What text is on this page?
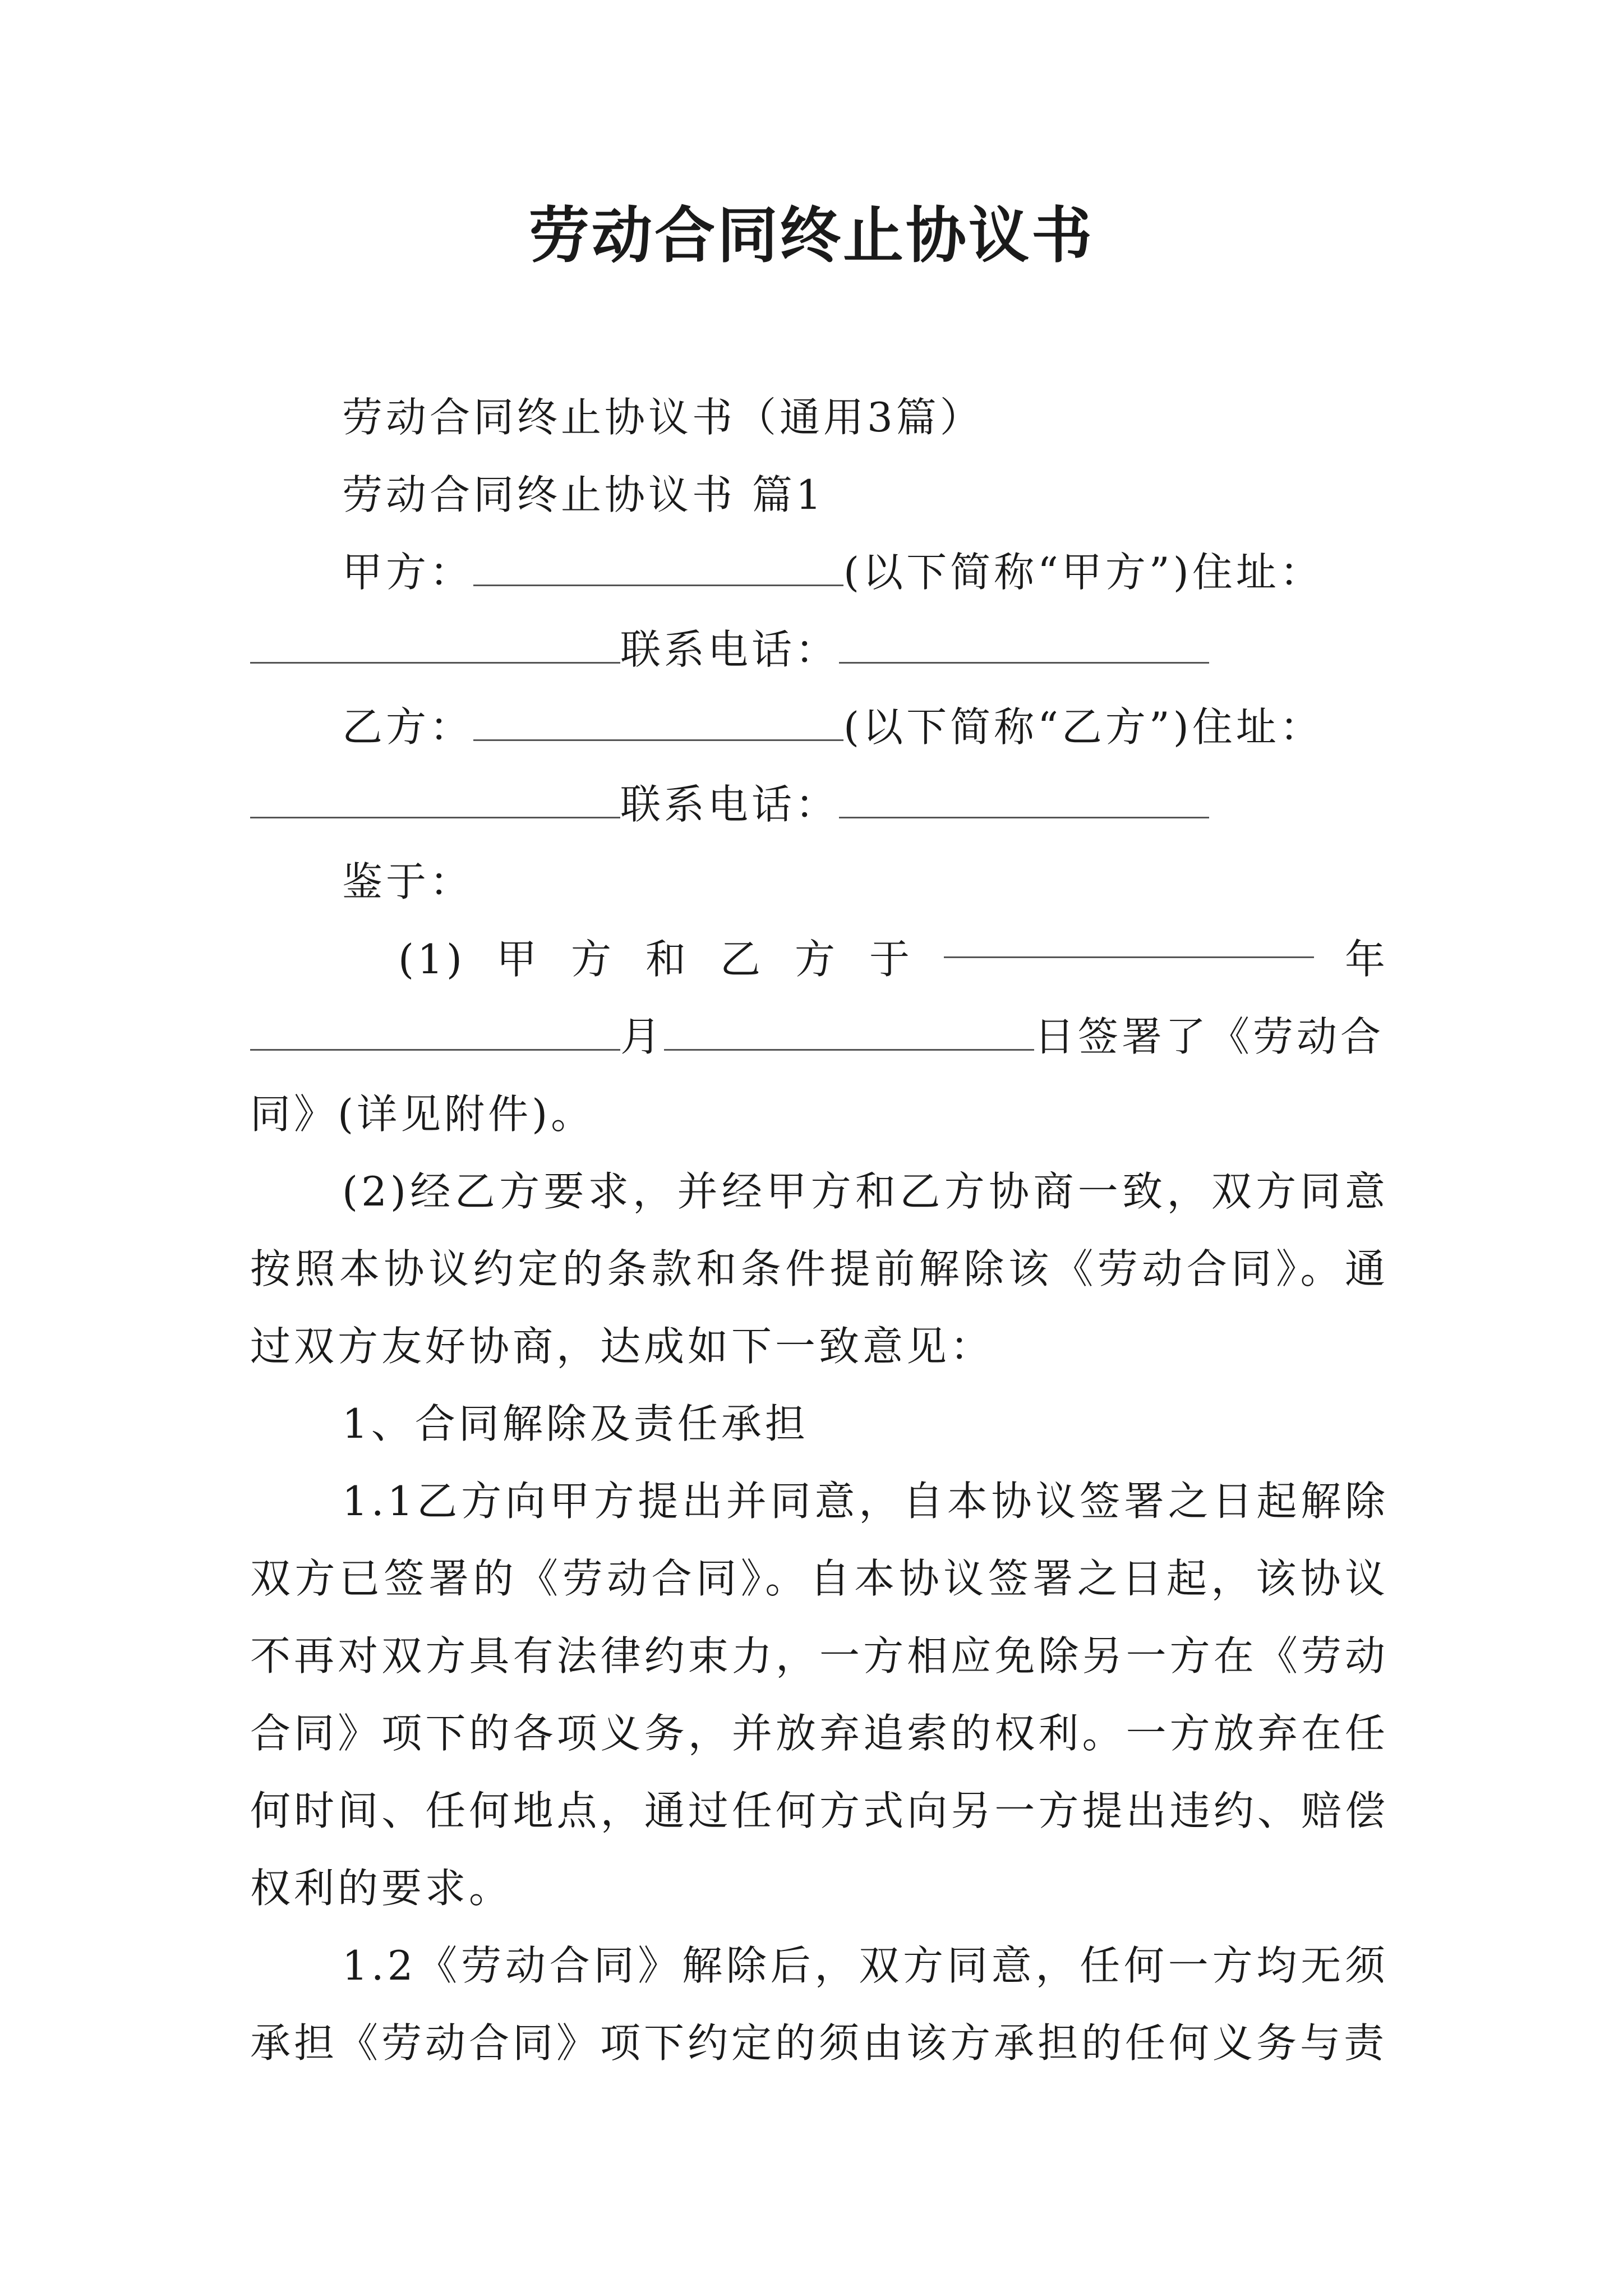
劳动合同终止协议书
劳动合同终止协议书（通用3篇）
劳动合同终止协议书 篇1
甲方：	(以下简称“甲方”)住址：
联系电话：
乙方：	(以下简称“乙方”)住址：
联系电话：
鉴于：
(1) 甲 方 和 乙 方 于	年
月	日签署了《劳动合
同》(详见附件)。

(2)经乙方要求，并经甲方和乙方协商一致，双方同意按照本协议约定的条款和条件提前解除该《劳动合同》。通过双方友好协商，达成如下一致意见：

1、合同解除及责任承担

1.1乙方向甲方提出并同意，自本协议签署之日起解除双方已签署的《劳动合同》。自本协议签署之日起，该协议不再对双方具有法律约束力，一方相应免除另一方在《劳动合同》项下的各项义务，并放弃追索的权利。一方放弃在任何时间、任何地点，通过任何方式向另一方提出违约、赔偿权利的要求。

1.2《劳动合同》解除后，双方同意，任何一方均无须承担《劳动合同》项下约定的须由该方承担的任何义务与责
